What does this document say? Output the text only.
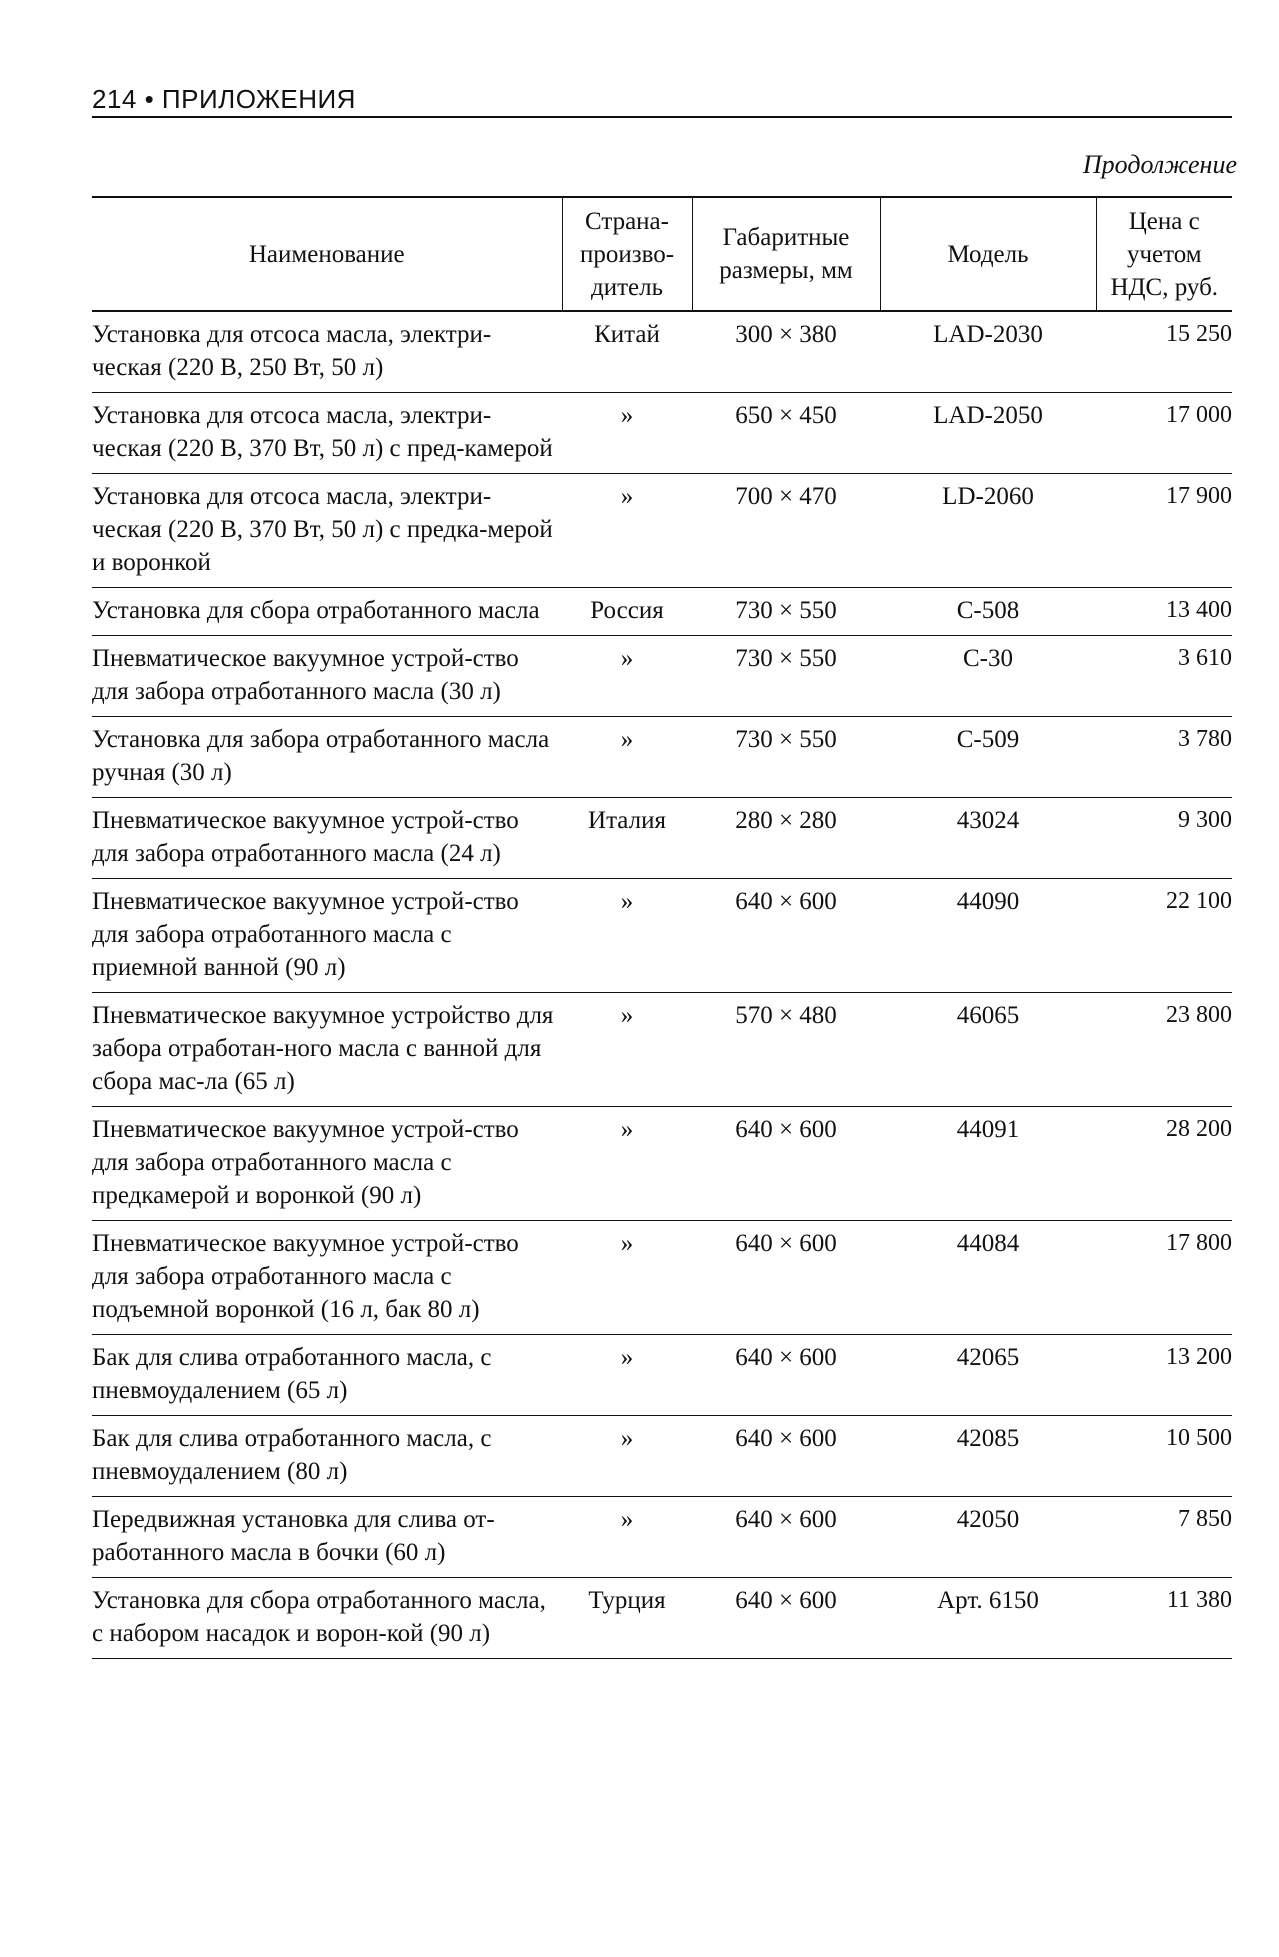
214 • ПРИЛОЖЕНИЯ
Продолжение
Наименование	Страна-произво-дитель	Габаритные размеры, мм	Модель	Цена с учетом НДС, руб.
Установка для отсоса масла, электри-ческая (220 В, 250 Вт, 50 л)	Китай	300 × 380	LAD-2030	15 250
Установка для отсоса масла, электри-ческая (220 В, 370 Вт, 50 л) с пред-камерой	»	650 × 450	LAD-2050	17 000
Установка для отсоса масла, электри-ческая (220 В, 370 Вт, 50 л) с предка-мерой и воронкой	»	700 × 470	LD-2060	17 900
Установка для сбора отработанного масла	Россия	730 × 550	С-508	13 400
Пневматическое вакуумное устрой-ство для забора отработанного масла (30 л)	»	730 × 550	С-30	3 610
Установка для забора отработанного масла ручная (30 л)	»	730 × 550	С-509	3 780
Пневматическое вакуумное устрой-ство для забора отработанного масла (24 л)	Италия	280 × 280	43024	9 300
Пневматическое вакуумное устрой-ство для забора отработанного масла с приемной ванной (90 л)	»	640 × 600	44090	22 100
Пневматическое вакуумное устройство для забора отработан-ного масла с ванной для сбора мас-ла (65 л)	»	570 × 480	46065	23 800
Пневматическое вакуумное устрой-ство для забора отработанного масла с предкамерой и воронкой (90 л)	»	640 × 600	44091	28 200
Пневматическое вакуумное устрой-ство для забора отработанного масла с подъемной воронкой (16 л, бак 80 л)	»	640 × 600	44084	17 800
Бак для слива отработанного масла, с пневмоудалением (65 л)	»	640 × 600	42065	13 200
Бак для слива отработанного масла, с пневмоудалением (80 л)	»	640 × 600	42085	10 500
Передвижная установка для слива от-работанного масла в бочки (60 л)	»	640 × 600	42050	7 850
Установка для сбора отработанного масла, с набором насадок и ворон-кой (90 л)	Турция	640 × 600	Арт. 6150	11 380
